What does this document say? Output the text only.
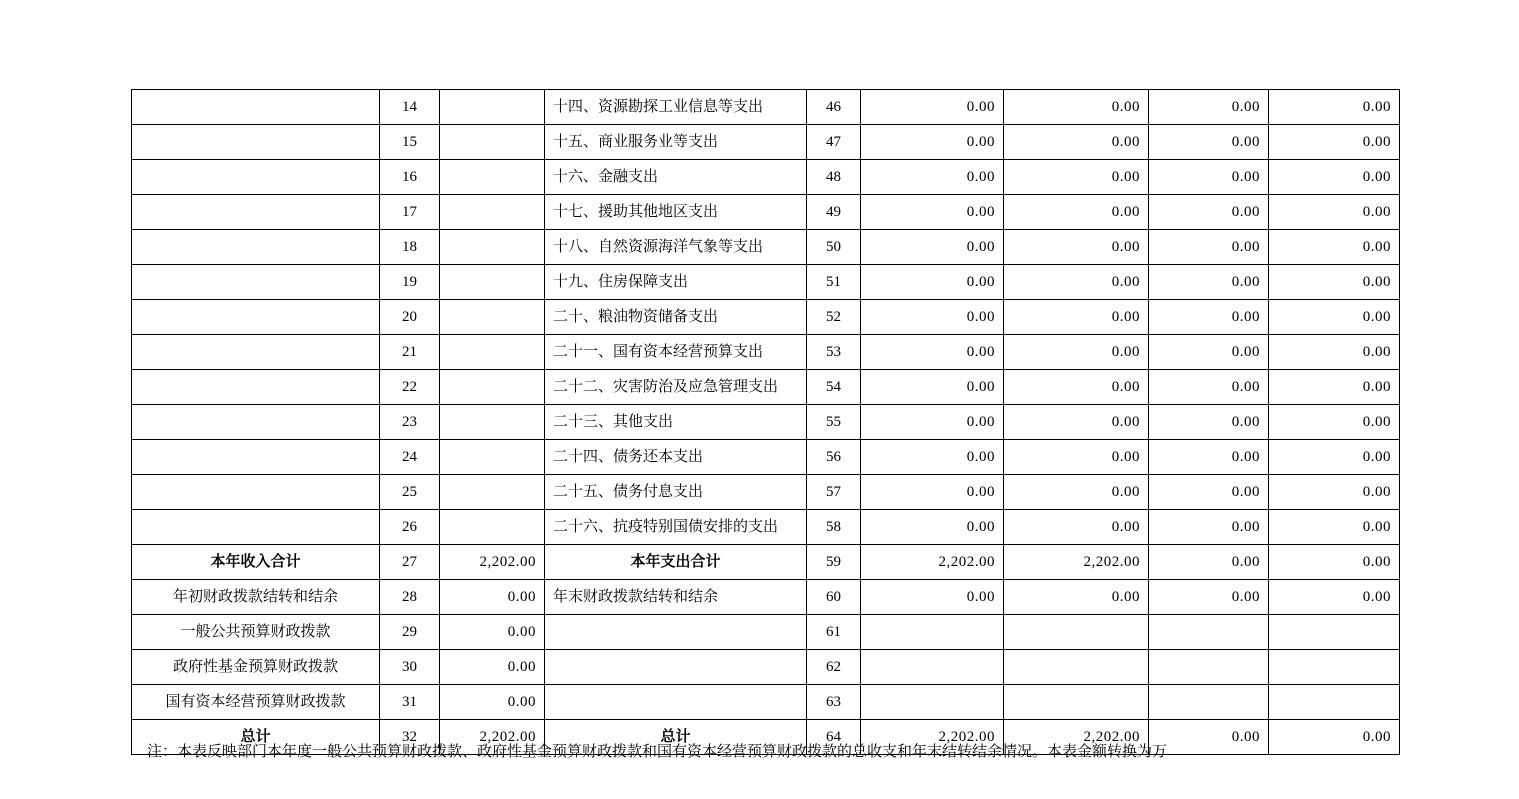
	14		十四、资源勘探工业信息等支出	46	0.00	0.00	0.00	0.00
	15		十五、商业服务业等支出	47	0.00	0.00	0.00	0.00
	16		十六、金融支出	48	0.00	0.00	0.00	0.00
	17		十七、援助其他地区支出	49	0.00	0.00	0.00	0.00
	18		十八、自然资源海洋气象等支出	50	0.00	0.00	0.00	0.00
	19		十九、住房保障支出	51	0.00	0.00	0.00	0.00
	20		二十、粮油物资储备支出	52	0.00	0.00	0.00	0.00
	21		二十一、国有资本经营预算支出	53	0.00	0.00	0.00	0.00
	22		二十二、灾害防治及应急管理支出	54	0.00	0.00	0.00	0.00
	23		二十三、其他支出	55	0.00	0.00	0.00	0.00
	24		二十四、债务还本支出	56	0.00	0.00	0.00	0.00
	25		二十五、债务付息支出	57	0.00	0.00	0.00	0.00
	26		二十六、抗疫特别国债安排的支出	58	0.00	0.00	0.00	0.00
本年收入合计	27	2,202.00	本年支出合计	59	2,202.00	2,202.00	0.00	0.00
年初财政拨款结转和结余	28	0.00	年末财政拨款结转和结余	60	0.00	0.00	0.00	0.00
一般公共预算财政拨款	29	0.00		61				
政府性基金预算财政拨款	30	0.00		62				
国有资本经营预算财政拨款	31	0.00		63				
总计	32	2,202.00	总计	64	2,202.00	2,202.00	0.00	0.00
注：本表反映部门本年度一般公共预算财政拨款、政府性基金预算财政拨款和国有资本经营预算财政拨款的总收支和年末结转结余情况。本表金额转换为万
